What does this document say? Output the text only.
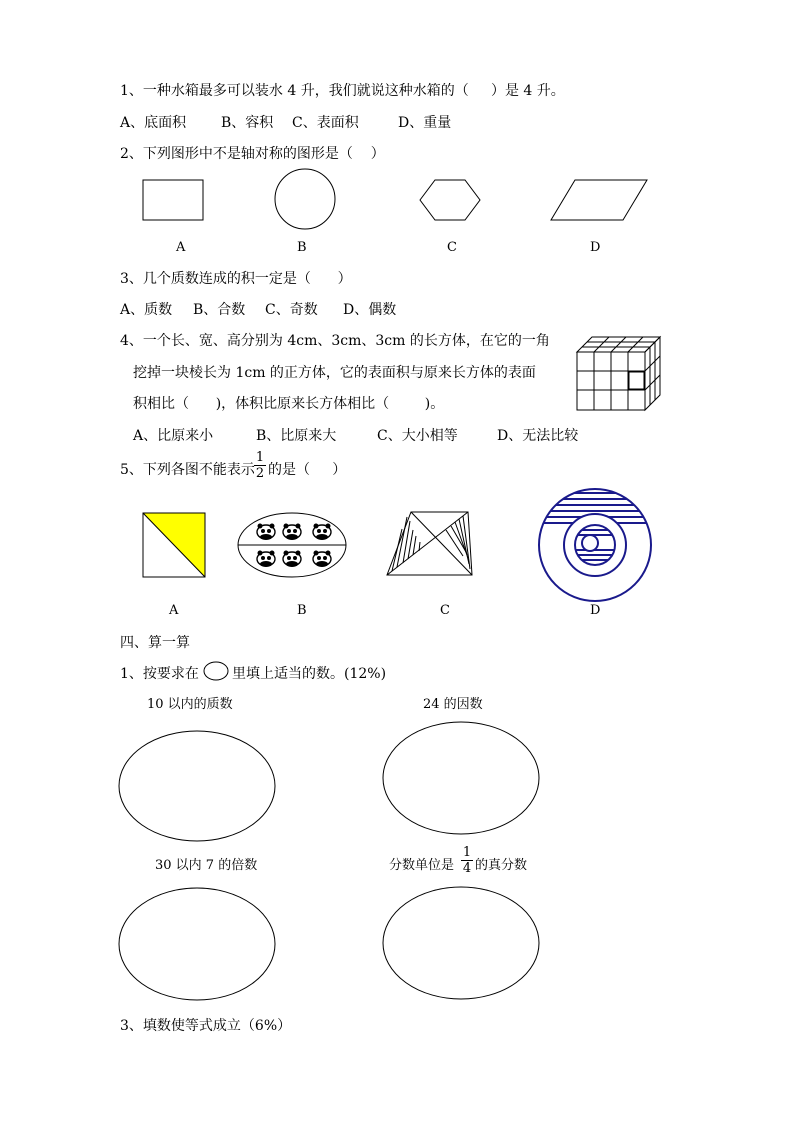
1、一种水箱最多可以装水 4 升，我们就说这种水箱的（     ）是 4 升。
A、底面积 B、容积 C、表面积	D、重量
2、下列图形中不是轴对称的图形是（    ）
A	B	C	D
3、几个质数连成的积一定是（      ）
A、质数 B、合数 C、奇数 D、偶数
4、一个长、宽、高分别为 4cm、3cm、3cm 的长方体，在它的一角
挖掉一块棱长为 1cm 的正方体，它的表面积与原来长方体的表面
积相比（      )，体积比原来长方体相比（        )。
A、比原来小	B、比原来大	C、大小相等	D、无法比较
5、下列各图不能表示
1
2 的是（     ）
A	B	C	D
四、算一算
1、按要求在 里填上适当的数。(12%)
10 以内的质数	24 的因数
30 以内 7 的倍数	分数单位是
1
4 的真分数
3、填数使等式成立（6%）
